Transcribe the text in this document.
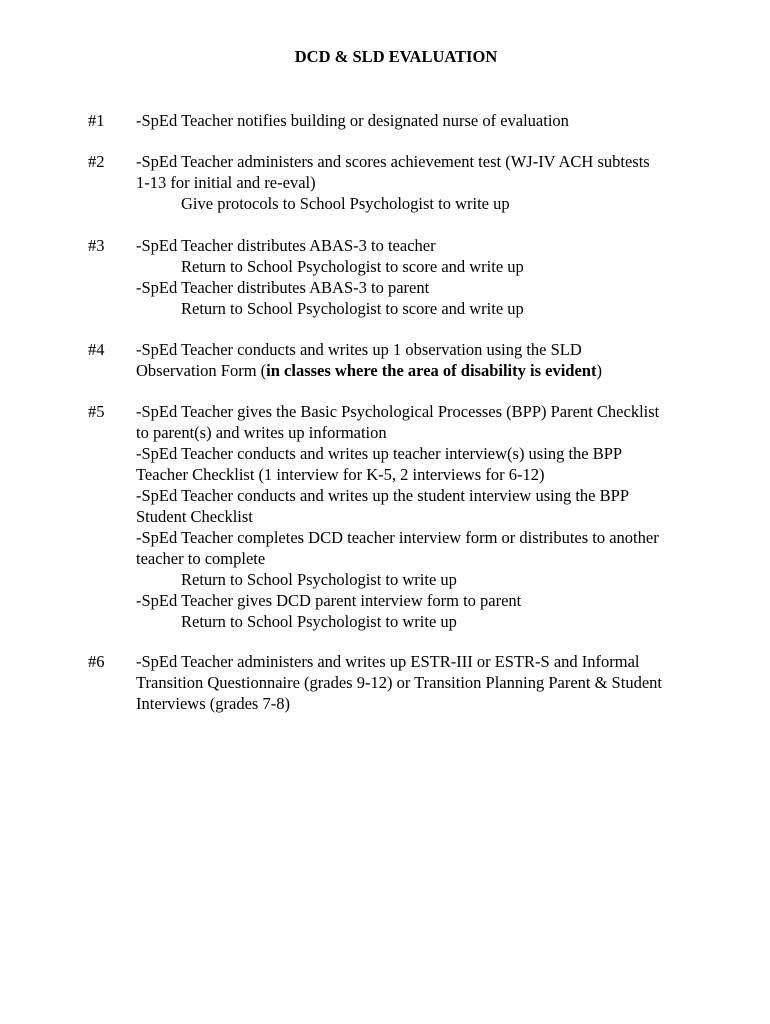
DCD & SLD EVALUATION
#1	-SpEd Teacher notifies building or designated nurse of evaluation
#2	-SpEd Teacher administers and scores achievement test (WJ-IV ACH subtests
1-13 for initial and re-eval)
Give protocols to School Psychologist to write up
#3	-SpEd Teacher distributes ABAS-3 to teacher
Return to School Psychologist to score and write up
-SpEd Teacher distributes ABAS-3 to parent
Return to School Psychologist to score and write up
#4	-SpEd Teacher conducts and writes up 1 observation using the SLD
Observation Form (in classes where the area of disability is evident)
#5	-SpEd Teacher gives the Basic Psychological Processes (BPP) Parent Checklist
to parent(s) and writes up information
-SpEd Teacher conducts and writes up teacher interview(s) using the BPP
Teacher Checklist (1 interview for K-5, 2 interviews for 6-12)
-SpEd Teacher conducts and writes up the student interview using the BPP
Student Checklist
-SpEd Teacher completes DCD teacher interview form or distributes to another
teacher to complete
Return to School Psychologist to write up
-SpEd Teacher gives DCD parent interview form to parent
Return to School Psychologist to write up
#6	-SpEd Teacher administers and writes up ESTR-III or ESTR-S and Informal
Transition Questionnaire (grades 9-12) or Transition Planning Parent & Student
Interviews (grades 7-8)
